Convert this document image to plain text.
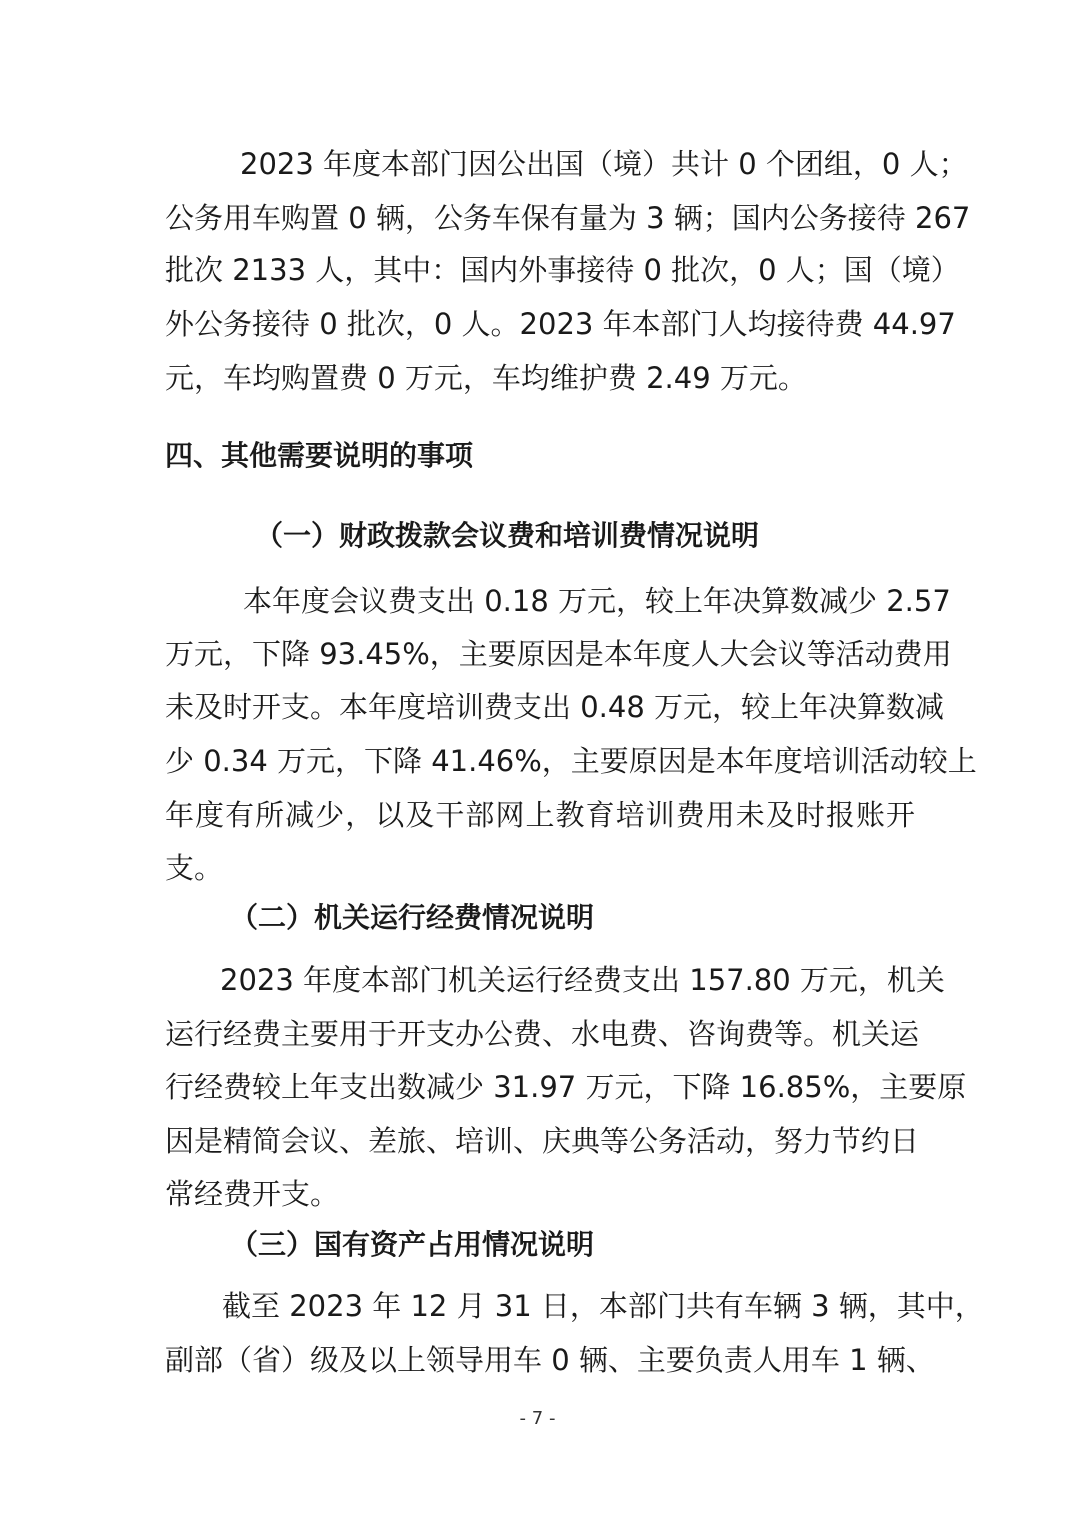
2023 年度本部门因公出国（境）共计 0 个团组，0 人；
公务用车购置 0 辆，公务车保有量为 3 辆；国内公务接待 267
批次 2133 人，其中：国内外事接待 0 批次，0 人；国（境）
外公务接待 0 批次，0 人。2023 年本部门人均接待费 44.97
元，车均购置费 0 万元，车均维护费 2.49 万元。
四、其他需要说明的事项
（一）财政拨款会议费和培训费情况说明
本年度会议费支出 0.18 万元，较上年决算数减少 2.57
万元，下降 93.45%，主要原因是本年度人大会议等活动费用
未及时开支。本年度培训费支出 0.48 万元，较上年决算数减
少 0.34 万元，下降 41.46%，主要原因是本年度培训活动较上
年度有所减少，以及干部网上教育培训费用未及时报账开
支。
（二）机关运行经费情况说明
2023 年度本部门机关运行经费支出 157.80 万元，机关
运行经费主要用于开支办公费、水电费、咨询费等。机关运
行经费较上年支出数减少 31.97 万元，下降 16.85%，主要原
因是精简会议、差旅、培训、庆典等公务活动，努力节约日
常经费开支。
（三）国有资产占用情况说明
截至 2023 年 12 月 31 日，本部门共有车辆 3 辆，其中，
副部（省）级及以上领导用车 0 辆、主要负责人用车 1 辆、
- 7 -
